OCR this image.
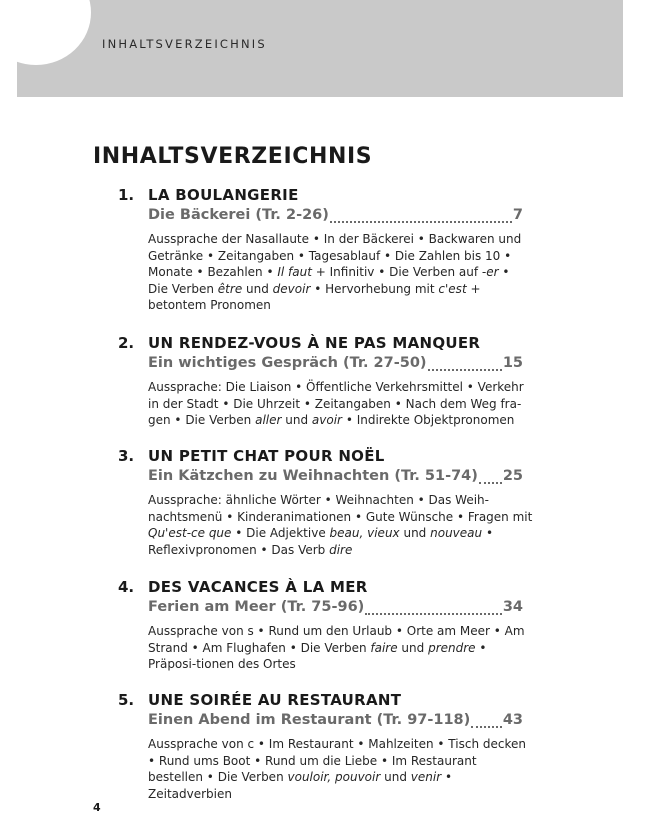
INHALTSVERZEICHNIS
INHALTSVERZEICHNIS
1. LA BOULANGERIE
Die Bäckerei (Tr. 2-26)	7

Aussprache der Nasallaute • In der Bäckerei • Backwaren und Getränke • Zeitangaben • Tagesablauf • Die Zahlen bis 10 • Monate • Bezahlen • Il faut + Infinitiv • Die Verben auf -er • Die Verben être und devoir • Hervorhebung mit c'est + betontem Pronomen

2. UN RENDEZ-VOUS À NE PAS MANQUER
Ein wichtiges Gespräch (Tr. 27-50)	15

Aussprache: Die Liaison • Öffentliche Verkehrsmittel • Verkehr in der Stadt • Die Uhrzeit • Zeitangaben • Nach dem Weg fra-gen • Die Verben aller und avoir • Indirekte Objektpronomen

3. UN PETIT CHAT POUR NOËL
Ein Kätzchen zu Weihnachten (Tr. 51-74) 25

Aussprache: ähnliche Wörter • Weihnachten • Das Weih-nachtsmenü • Kinderanimationen • Gute Wünsche • Fragen mit Qu'est-ce que • Die Adjektive beau, vieux und nouveau • Reflexivpronomen • Das Verb dire

4. DES VACANCES À LA MER
Ferien am Meer (Tr. 75-96)	34

Aussprache von s • Rund um den Urlaub • Orte am Meer • Am Strand • Am Flughafen • Die Verben faire und prendre • Präposi-tionen des Ortes

5. UNE SOIRÉE AU RESTAURANT
Einen Abend im Restaurant (Tr. 97-118) 43

Aussprache von c • Im Restaurant • Mahlzeiten • Tisch decken • Rund ums Boot • Rund um die Liebe • Im Restaurant bestellen • Die Verben vouloir, pouvoir und venir • Zeitadverbien

4
